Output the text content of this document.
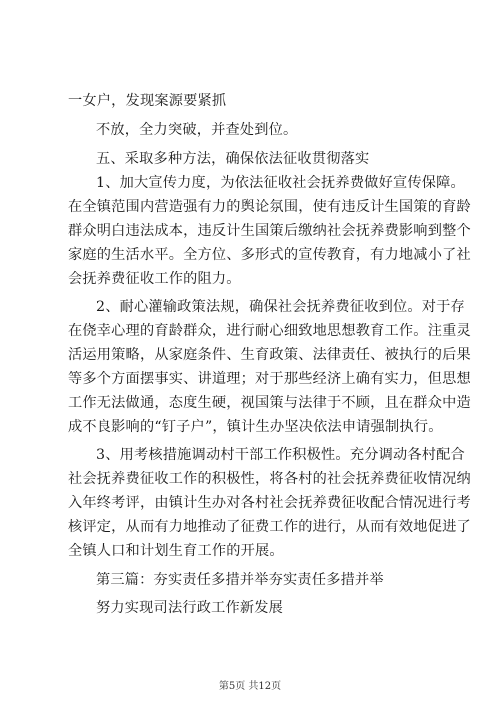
一女户，发现案源要紧抓
不放，全力突破，并查处到位。
五、采取多种方法，确保依法征收贯彻落实
1、加大宣传力度，为依法征收社会抚养费做好宣传保障。
在全镇范围内营造强有力的舆论氛围，使有违反计生国策的育龄
群众明白违法成本，违反计生国策后缴纳社会抚养费影响到整个
家庭的生活水平。全方位、多形式的宣传教育，有力地减小了社
会抚养费征收工作的阻力。
2、耐心灌输政策法规，确保社会抚养费征收到位。对于存
在侥幸心理的育龄群众，进行耐心细致地思想教育工作。注重灵
活运用策略，从家庭条件、生育政策、法律责任、被执行的后果
等多个方面摆事实、讲道理；对于那些经济上确有实力，但思想
工作无法做通，态度生硬，视国策与法律于不顾，且在群众中造
成不良影响的“钉子户”，镇计生办坚决依法申请强制执行。
3、用考核措施调动村干部工作积极性。充分调动各村配合
社会抚养费征收工作的积极性，将各村的社会抚养费征收情况纳
入年终考评，由镇计生办对各村社会抚养费征收配合情况进行考
核评定，从而有力地推动了征费工作的进行，从而有效地促进了
全镇人口和计划生育工作的开展。
第三篇：夯实责任多措并举夯实责任多措并举
努力实现司法行政工作新发展
第5页 共12页
